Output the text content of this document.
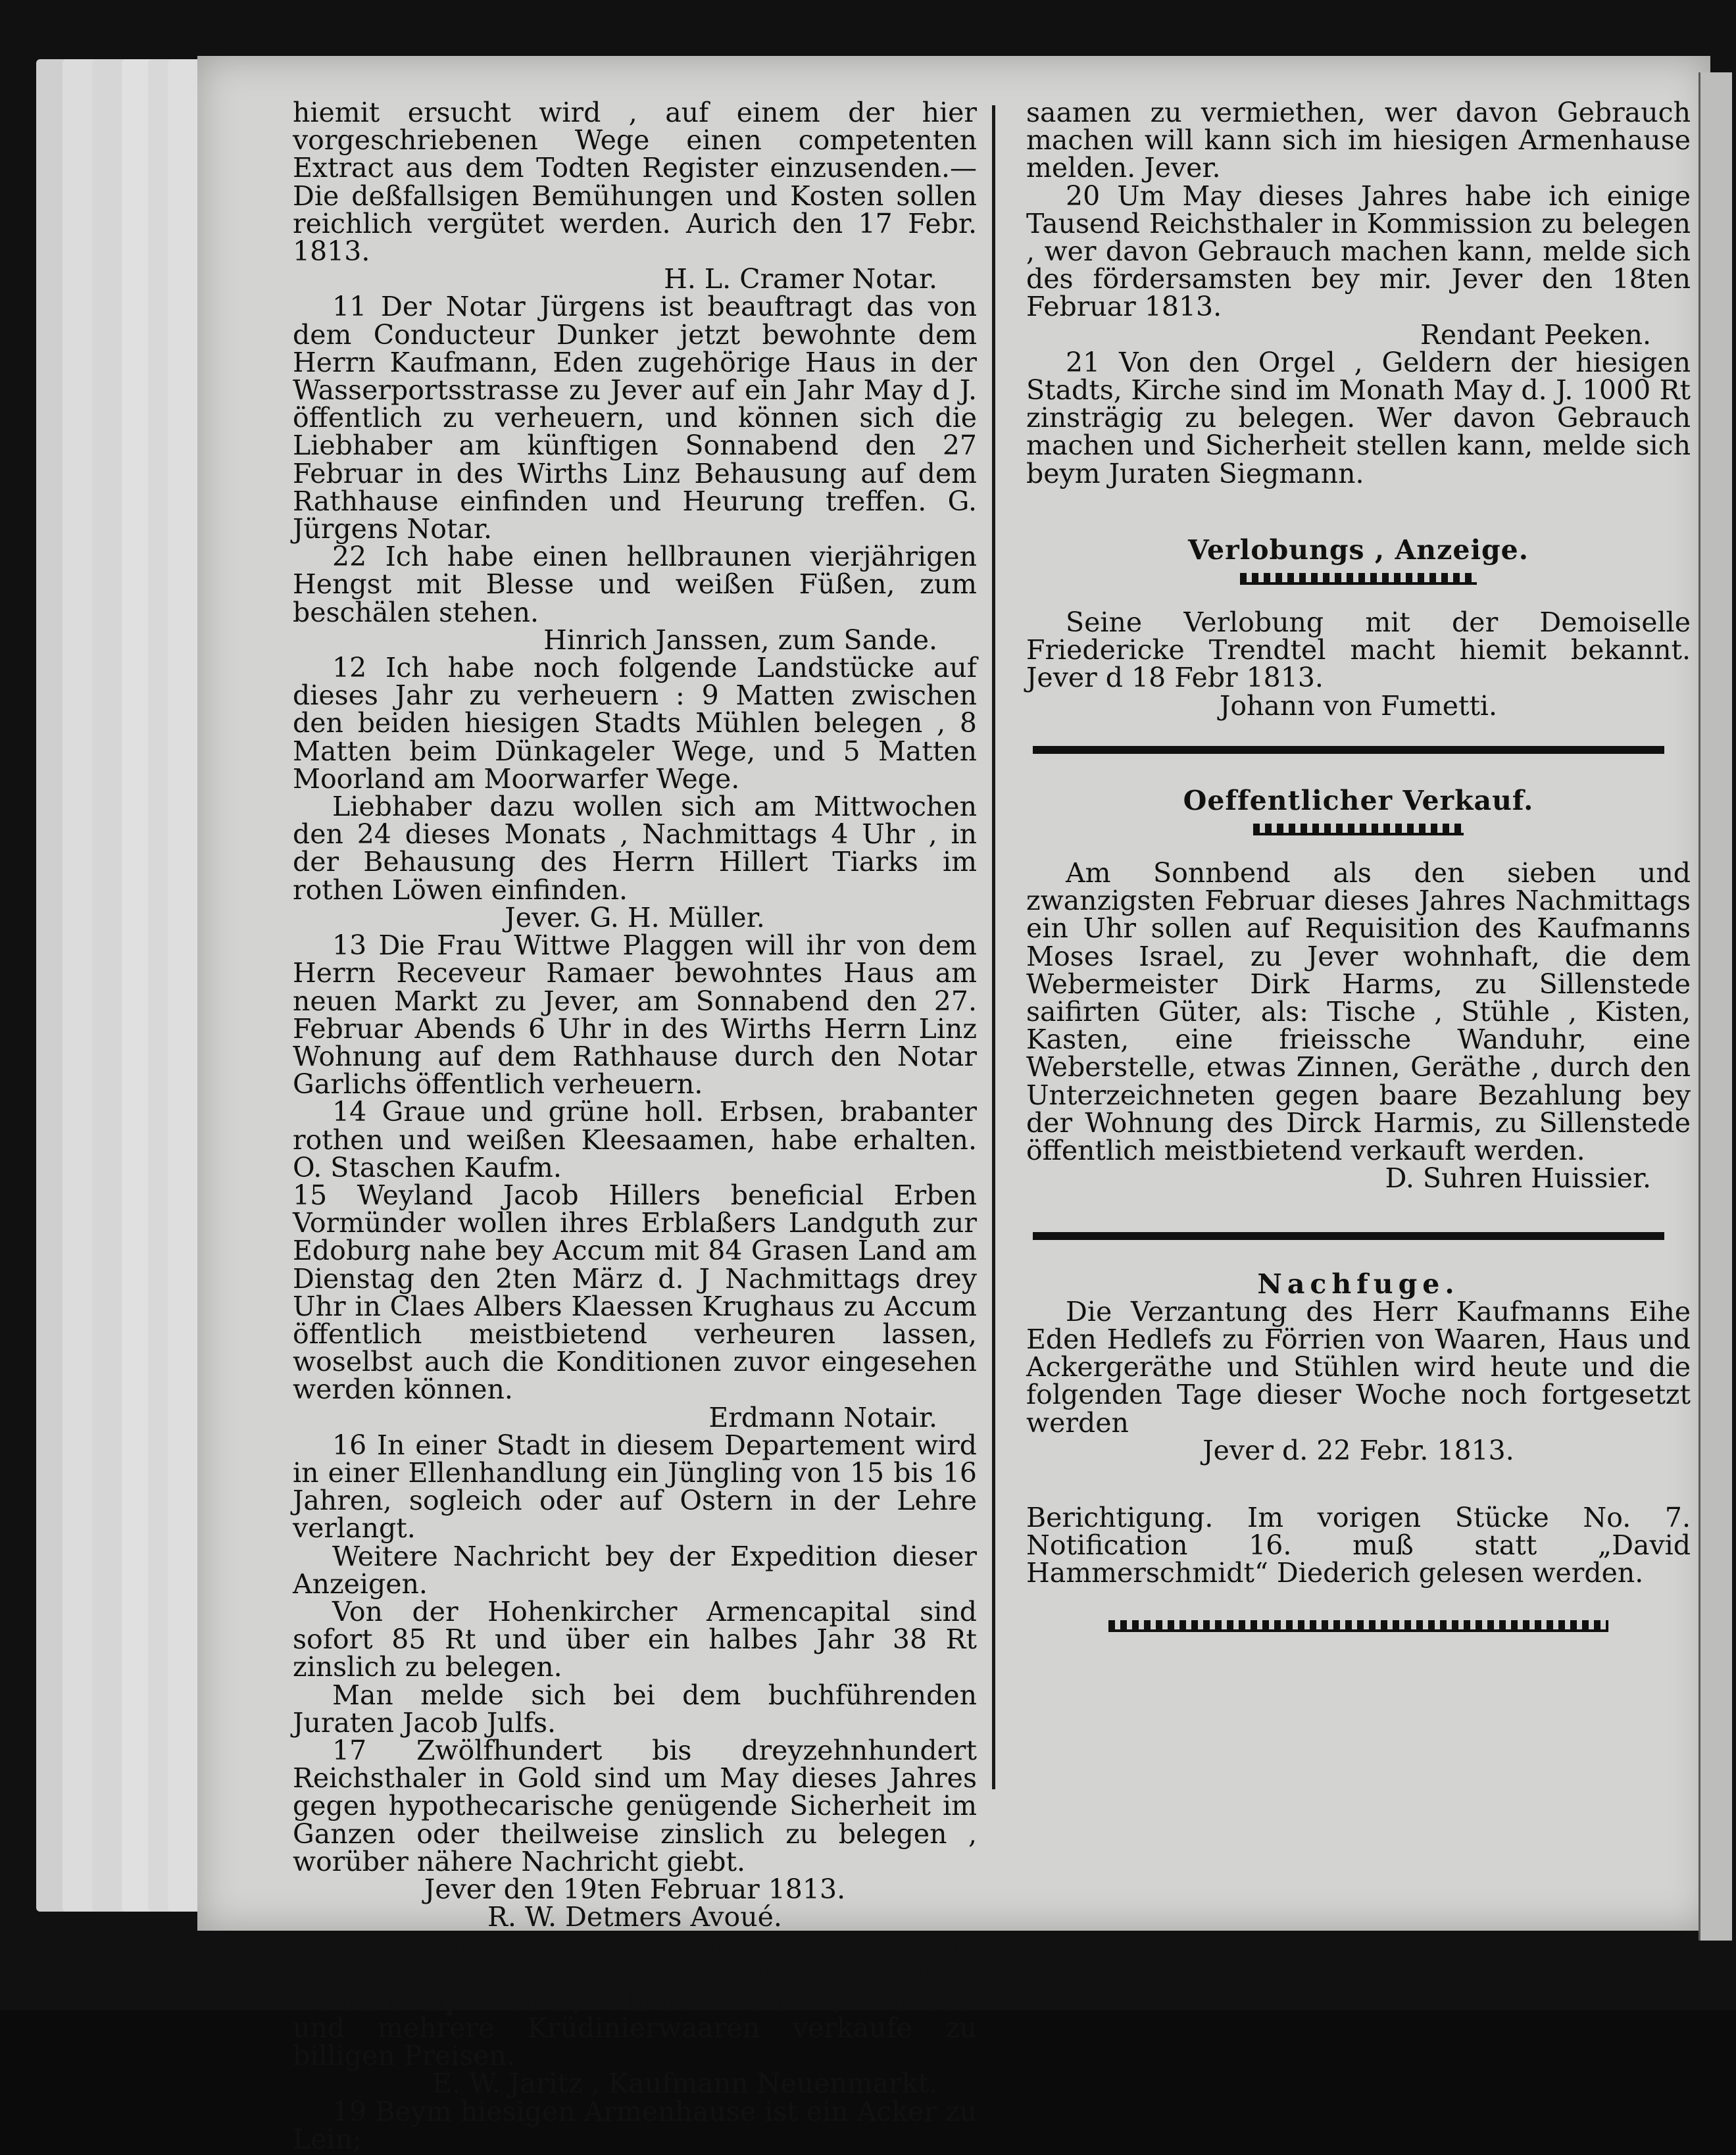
hiemit ersucht wird , auf einem der hier vorgeschriebenen Wege einen competenten Extract aus dem Todten Register einzusenden.— Die deßfallsigen Bemühungen und Kosten sollen reichlich vergütet werden. Aurich den 17 Febr. 1813.

H. L. Cramer Notar.

11 Der Notar Jürgens ist beauftragt das von dem Conducteur Dunker jetzt bewohnte dem Herrn Kaufmann, Eden zugehörige Haus in der Wasserportsstrasse zu Jever auf ein Jahr May d J. öffentlich zu verheuern, und können sich die Liebhaber am künftigen Sonnabend den 27 Februar in des Wirths Linz Behausung auf dem Rathhause einfinden und Heurung treffen. G. Jürgens Notar.

22 Ich habe einen hellbraunen vierjährigen Hengst mit Blesse und weißen Füßen, zum beschälen stehen.

Hinrich Janssen, zum Sande.

12 Ich habe noch folgende Landstücke auf dieses Jahr zu verheuern : 9 Matten zwischen den beiden hiesigen Stadts Mühlen belegen , 8 Matten beim Dünkageler Wege, und 5 Matten Moorland am Moorwarfer Wege.

Liebhaber dazu wollen sich am Mittwochen den 24 dieses Monats , Nachmittags 4 Uhr , in der Behausung des Herrn Hillert Tiarks im rothen Löwen einfinden.

Jever. G. H. Müller.

13 Die Frau Wittwe Plaggen will ihr von dem Herrn Receveur Ramaer bewohntes Haus am neuen Markt zu Jever, am Sonnabend den 27. Februar Abends 6 Uhr in des Wirths Herrn Linz Wohnung auf dem Rathhause durch den Notar Garlichs öffentlich verheuern.

14 Graue und grüne holl. Erbsen, brabanter rothen und weißen Kleesaamen, habe erhalten. O. Staschen Kaufm.

15 Weyland Jacob Hillers beneficial Erben Vormünder wollen ihres Erblaßers Landguth zur Edoburg nahe bey Accum mit 84 Grasen Land am Dienstag den 2ten März d. J Nachmittags drey Uhr in Claes Albers Klaessen Krughaus zu Accum öffentlich meistbietend verheuren lassen, woselbst auch die Konditionen zuvor eingesehen werden können.

Erdmann Notair.

16 In einer Stadt in diesem Departement wird in einer Ellenhandlung ein Jüngling von 15 bis 16 Jahren, sogleich oder auf Ostern in der Lehre verlangt.

Weitere Nachricht bey der Expedition dieser Anzeigen.

Von der Hohenkircher Armencapital sind sofort 85 Rt und über ein halbes Jahr 38 Rt zinslich zu belegen.

Man melde sich bei dem buchführenden Juraten Jacob Julfs.

17 Zwölfhundert bis dreyzehnhundert Reichsthaler in Gold sind um May dieses Jahres gegen hypothecarische genügende Sicherheit im Ganzen oder theilweise zinslich zu belegen , worüber nähere Nachricht giebt.

Jever den 19ten Februar 1813.

R. W. Detmers Avoué.

18 Genever bey Oxhofden und Hectoliter Seife bey Tonnen, Fäßern, u. halben Fäßer, Katharinenpflaumen, schöne Rosinen , Mandeln und mehrere Krüdinierwaaren verkaufe zu billigen Preisen.

E. W. Jaritz , Kaufmann Neuenmarkt.

19 Beym hiesigen Armenhause ist ein Acker zu Lein;

saamen zu vermiethen, wer davon Gebrauch machen will kann sich im hiesigen Armenhause melden. Jever.

20 Um May dieses Jahres habe ich einige Tausend Reichsthaler in Kommission zu belegen , wer davon Gebrauch machen kann, melde sich des fördersamsten bey mir. Jever den 18ten Februar 1813.

Rendant Peeken.

21 Von den Orgel , Geldern der hiesigen Stadts, Kirche sind im Monath May d. J. 1000 Rt zinsträgig zu belegen. Wer davon Gebrauch machen und Sicherheit stellen kann, melde sich beym Juraten Siegmann.

Verlobungs , Anzeige.

Seine Verlobung mit der Demoiselle Friedericke Trendtel macht hiemit bekannt. Jever d 18 Febr 1813.

Johann von Fumetti.

Oeffentlicher Verkauf.

Am Sonnbend als den sieben und zwanzigsten Februar dieses Jahres Nachmittags ein Uhr sollen auf Requisition des Kaufmanns Moses Israel, zu Jever wohnhaft, die dem Webermeister Dirk Harms, zu Sillenstede saifirten Güter, als: Tische , Stühle , Kisten, Kasten, eine frieissche Wanduhr, eine Weberstelle, etwas Zinnen, Geräthe , durch den Unterzeichneten gegen baare Bezahlung bey der Wohnung des Dirck Harmis, zu Sillenstede öffentlich meistbietend verkauft werden.

D. Suhren Huissier.

Nachfuge.

Die Verzantung des Herr Kaufmanns Eihe Eden Hedlefs zu Förrien von Waaren, Haus und Ackergeräthe und Stühlen wird heute und die folgenden Tage dieser Woche noch fortgesetzt werden

Jever d. 22 Febr. 1813.

Berichtigung. Im vorigen Stücke No. 7. Notification 16. muß statt „David Hammerschmidt“ Diederich gelesen werden.
